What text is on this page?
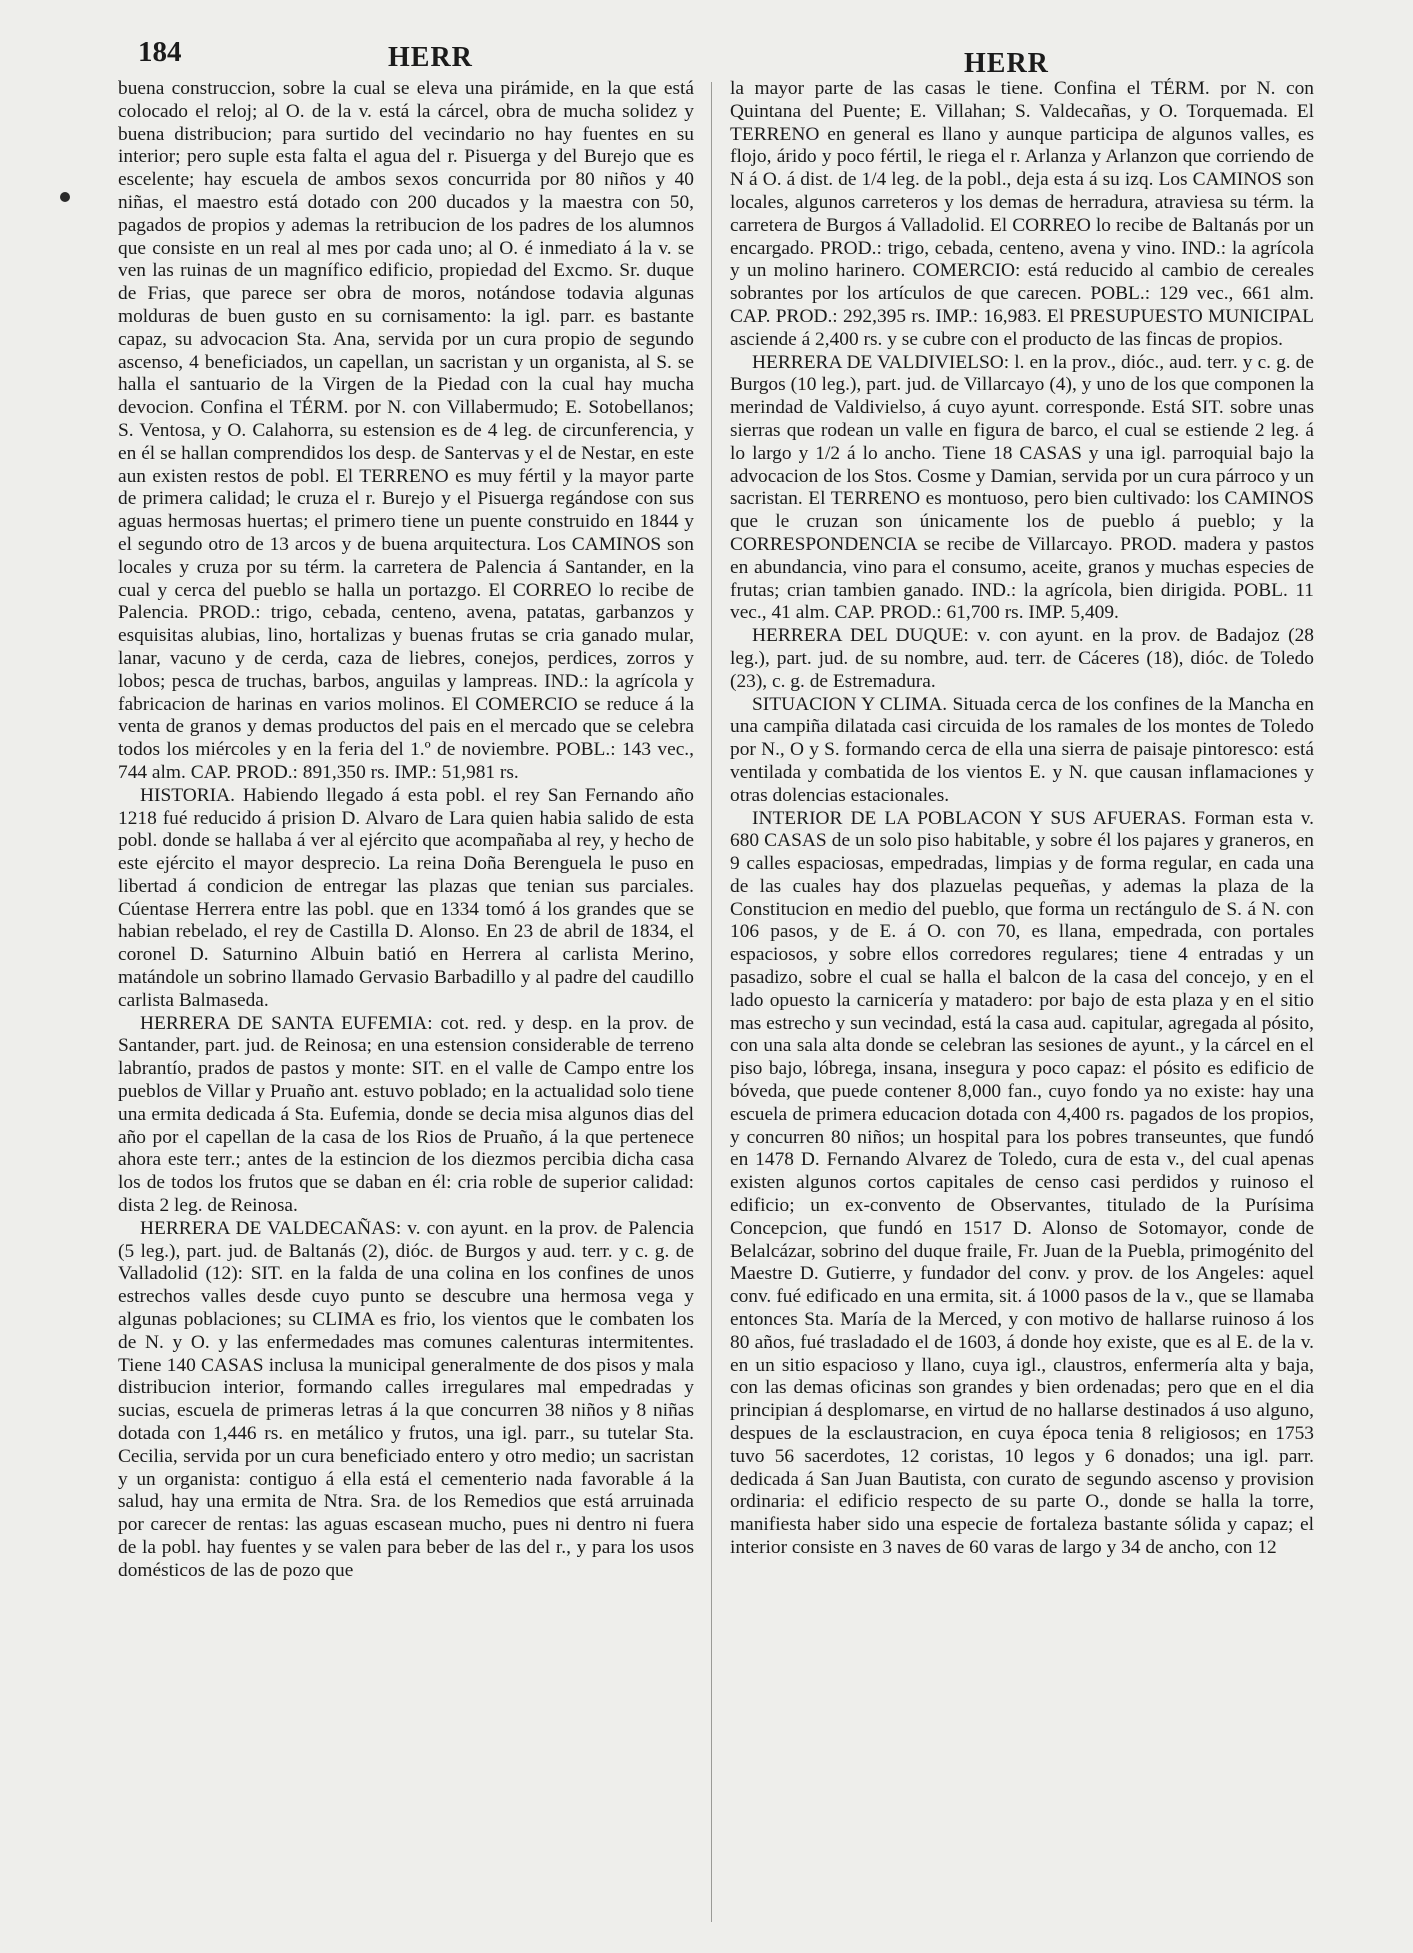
184	HERR	HERR

buena construccion, sobre la cual se eleva una pirámide, en la que está colocado el reloj; al O. de la v. está la cárcel, obra de mucha solidez y buena distribucion; para surtido del vecindario no hay fuentes en su interior; pero suple esta falta el agua del r. Pisuerga y del Burejo que es escelente; hay escuela de ambos sexos concurrida por 80 niños y 40 niñas, el maestro está dotado con 200 ducados y la maestra con 50, pagados de propios y ademas la retribucion de los padres de los alumnos que consiste en un real al mes por cada uno; al O. é inmediato á la v. se ven las ruinas de un magnífico edificio, propiedad del Excmo. Sr. duque de Frias, que parece ser obra de moros, notándose todavia algunas molduras de buen gusto en su cornisamento: la igl. parr. es bastante capaz, su advocacion Sta. Ana, servida por un cura propio de segundo ascenso, 4 beneficiados, un capellan, un sacristan y un organista, al S. se halla el santuario de la Virgen de la Piedad con la cual hay mucha devocion. Confina el TÉRM. por N. con Villabermudo; E. Sotobellanos; S. Ventosa, y O. Calahorra, su estension es de 4 leg. de circunferencia, y en él se hallan comprendidos los desp. de Santervas y el de Nestar, en este aun existen restos de pobl. El TERRENO es muy fértil y la mayor parte de primera calidad; le cruza el r. Burejo y el Pisuerga regándose con sus aguas hermosas huertas; el primero tiene un puente construido en 1844 y el segundo otro de 13 arcos y de buena arquitectura. Los CAMINOS son locales y cruza por su térm. la carretera de Palencia á Santander, en la cual y cerca del pueblo se halla un portazgo. El CORREO lo recibe de Palencia. PROD.: trigo, cebada, centeno, avena, patatas, garbanzos y esquisitas alubias, lino, hortalizas y buenas frutas se cria ganado mular, lanar, vacuno y de cerda, caza de liebres, conejos, perdices, zorros y lobos; pesca de truchas, barbos, anguilas y lampreas. IND.: la agrícola y fabricacion de harinas en varios molinos. El COMERCIO se reduce á la venta de granos y demas productos del pais en el mercado que se celebra todos los miércoles y en la feria del 1.º de noviembre. POBL.: 143 vec., 744 alm. CAP. PROD.: 891,350 rs. IMP.: 51,981 rs.

HISTORIA. Habiendo llegado á esta pobl. el rey San Fernando año 1218 fué reducido á prision D. Alvaro de Lara quien habia salido de esta pobl. donde se hallaba á ver al ejército que acompañaba al rey, y hecho de este ejército el mayor desprecio. La reina Doña Berenguela le puso en libertad á condicion de entregar las plazas que tenian sus parciales. Cúentase Herrera entre las pobl. que en 1334 tomó á los grandes que se habian rebelado, el rey de Castilla D. Alonso. En 23 de abril de 1834, el coronel D. Saturnino Albuin batió en Herrera al carlista Merino, matándole un sobrino llamado Gervasio Barbadillo y al padre del caudillo carlista Balmaseda.

HERRERA DE SANTA EUFEMIA: cot. red. y desp. en la prov. de Santander, part. jud. de Reinosa; en una estension considerable de terreno labrantío, prados de pastos y monte: SIT. en el valle de Campo entre los pueblos de Villar y Pruaño ant. estuvo poblado; en la actualidad solo tiene una ermita dedicada á Sta. Eufemia, donde se decia misa algunos dias del año por el capellan de la casa de los Rios de Pruaño, á la que pertenece ahora este terr.; antes de la estincion de los diezmos percibia dicha casa los de todos los frutos que se daban en él: cria roble de superior calidad: dista 2 leg. de Reinosa.

HERRERA DE VALDECAÑAS: v. con ayunt. en la prov. de Palencia (5 leg.), part. jud. de Baltanás (2), dióc. de Burgos y aud. terr. y c. g. de Valladolid (12): SIT. en la falda de una colina en los confines de unos estrechos valles desde cuyo punto se descubre una hermosa vega y algunas poblaciones; su CLIMA es frio, los vientos que le combaten los de N. y O. y las enfermedades mas comunes calenturas intermitentes. Tiene 140 CASAS inclusa la municipal generalmente de dos pisos y mala distribucion interior, formando calles irregulares mal empedradas y sucias, escuela de primeras letras á la que concurren 38 niños y 8 niñas dotada con 1,446 rs. en metálico y frutos, una igl. parr., su tutelar Sta. Cecilia, servida por un cura beneficiado entero y otro medio; un sacristan y un organista: contiguo á ella está el cementerio nada favorable á la salud, hay una ermita de Ntra. Sra. de los Remedios que está arruinada por carecer de rentas: las aguas escasean mucho, pues ni dentro ni fuera de la pobl. hay fuentes y se valen para beber de las del r., y para los usos domésticos de las de pozo que

la mayor parte de las casas le tiene. Confina el TÉRM. por N. con Quintana del Puente; E. Villahan; S. Valdecañas, y O. Torquemada. El TERRENO en general es llano y aunque participa de algunos valles, es flojo, árido y poco fértil, le riega el r. Arlanza y Arlanzon que corriendo de N á O. á dist. de 1/4 leg. de la pobl., deja esta á su izq. Los CAMINOS son locales, algunos carreteros y los demas de herradura, atraviesa su térm. la carretera de Burgos á Valladolid. El CORREO lo recibe de Baltanás por un encargado. PROD.: trigo, cebada, centeno, avena y vino. IND.: la agrícola y un molino harinero. COMERCIO: está reducido al cambio de cereales sobrantes por los artículos de que carecen. POBL.: 129 vec., 661 alm. CAP. PROD.: 292,395 rs. IMP.: 16,983. El PRESUPUESTO MUNICIPAL asciende á 2,400 rs. y se cubre con el producto de las fincas de propios.

HERRERA DE VALDIVIELSO: l. en la prov., dióc., aud. terr. y c. g. de Burgos (10 leg.), part. jud. de Villarcayo (4), y uno de los que componen la merindad de Valdivielso, á cuyo ayunt. corresponde. Está SIT. sobre unas sierras que rodean un valle en figura de barco, el cual se estiende 2 leg. á lo largo y 1/2 á lo ancho. Tiene 18 CASAS y una igl. parroquial bajo la advocacion de los Stos. Cosme y Damian, servida por un cura párroco y un sacristan. El TERRENO es montuoso, pero bien cultivado: los CAMINOS que le cruzan son únicamente los de pueblo á pueblo; y la CORRESPONDENCIA se recibe de Villarcayo. PROD. madera y pastos en abundancia, vino para el consumo, aceite, granos y muchas especies de frutas; crian tambien ganado. IND.: la agrícola, bien dirigida. POBL. 11 vec., 41 alm. CAP. PROD.: 61,700 rs. IMP. 5,409.

HERRERA DEL DUQUE: v. con ayunt. en la prov. de Badajoz (28 leg.), part. jud. de su nombre, aud. terr. de Cáceres (18), dióc. de Toledo (23), c. g. de Estremadura.

SITUACION Y CLIMA. Situada cerca de los confines de la Mancha en una campiña dilatada casi circuida de los ramales de los montes de Toledo por N., O y S. formando cerca de ella una sierra de paisaje pintoresco: está ventilada y combatida de los vientos E. y N. que causan inflamaciones y otras dolencias estacionales.

INTERIOR DE LA POBLACON Y SUS AFUERAS. Forman esta v. 680 CASAS de un solo piso habitable, y sobre él los pajares y graneros, en 9 calles espaciosas, empedradas, limpias y de forma regular, en cada una de las cuales hay dos plazuelas pequeñas, y ademas la plaza de la Constitucion en medio del pueblo, que forma un rectángulo de S. á N. con 106 pasos, y de E. á O. con 70, es llana, empedrada, con portales espaciosos, y sobre ellos corredores regulares; tiene 4 entradas y un pasadizo, sobre el cual se halla el balcon de la casa del concejo, y en el lado opuesto la carnicería y matadero: por bajo de esta plaza y en el sitio mas estrecho y sun vecindad, está la casa aud. capitular, agregada al pósito, con una sala alta donde se celebran las sesiones de ayunt., y la cárcel en el piso bajo, lóbrega, insana, insegura y poco capaz: el pósito es edificio de bóveda, que puede contener 8,000 fan., cuyo fondo ya no existe: hay una escuela de primera educacion dotada con 4,400 rs. pagados de los propios, y concurren 80 niños; un hospital para los pobres transeuntes, que fundó en 1478 D. Fernando Alvarez de Toledo, cura de esta v., del cual apenas existen algunos cortos capitales de censo casi perdidos y ruinoso el edificio; un ex-convento de Observantes, titulado de la Purísima Concepcion, que fundó en 1517 D. Alonso de Sotomayor, conde de Belalcázar, sobrino del duque fraile, Fr. Juan de la Puebla, primogénito del Maestre D. Gutierre, y fundador del conv. y prov. de los Angeles: aquel conv. fué edificado en una ermita, sit. á 1000 pasos de la v., que se llamaba entonces Sta. María de la Merced, y con motivo de hallarse ruinoso á los 80 años, fué trasladado el de 1603, á donde hoy existe, que es al E. de la v. en un sitio espacioso y llano, cuya igl., claustros, enfermería alta y baja, con las demas oficinas son grandes y bien ordenadas; pero que en el dia principian á desplomarse, en virtud de no hallarse destinados á uso alguno, despues de la esclaustracion, en cuya época tenia 8 religiosos; en 1753 tuvo 56 sacerdotes, 12 coristas, 10 legos y 6 donados; una igl. parr. dedicada á San Juan Bautista, con curato de segundo ascenso y provision ordinaria: el edificio respecto de su parte O., donde se halla la torre, manifiesta haber sido una especie de fortaleza bastante sólida y capaz; el interior consiste en 3 naves de 60 varas de largo y 34 de ancho, con 12
